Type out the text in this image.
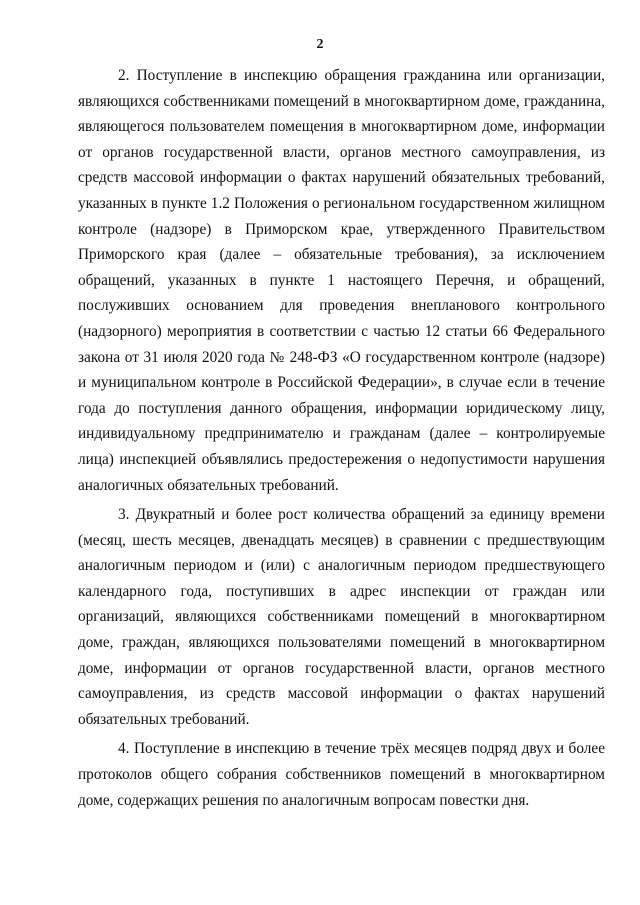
2

2. Поступление в инспекцию обращения гражданина или организации, являющихся собственниками помещений в многоквартирном доме, гражданина, являющегося пользователем помещения в многоквартирном доме, информации от органов государственной власти, органов местного самоуправления, из средств массовой информации о фактах нарушений обязательных требований, указанных в пункте 1.2 Положения о региональном государственном жилищном контроле (надзоре) в Приморском крае, утвержденного Правительством Приморского края (далее – обязательные требования), за исключением обращений, указанных в пункте 1 настоящего Перечня, и обращений, послуживших основанием для проведения внепланового контрольного (надзорного) мероприятия в соответствии с частью 12 статьи 66 Федерального закона от 31 июля 2020 года № 248-ФЗ «О государственном контроле (надзоре) и муниципальном контроле в Российской Федерации», в случае если в течение года до поступления данного обращения, информации юридическому лицу, индивидуальному предпринимателю и гражданам (далее – контролируемые лица) инспекцией объявлялись предостережения о недопустимости нарушения аналогичных обязательных требований.

3. Двукратный и более рост количества обращений за единицу времени (месяц, шесть месяцев, двенадцать месяцев) в сравнении с предшествующим аналогичным периодом и (или) с аналогичным периодом предшествующего календарного года, поступивших в адрес инспекции от граждан или организаций, являющихся собственниками помещений в многоквартирном доме, граждан, являющихся пользователями помещений в многоквартирном доме, информации от органов государственной власти, органов местного самоуправления, из средств массовой информации о фактах нарушений обязательных требований.

4. Поступление в инспекцию в течение трёх месяцев подряд двух и более протоколов общего собрания собственников помещений в многоквартирном доме, содержащих решения по аналогичным вопросам повестки дня.
